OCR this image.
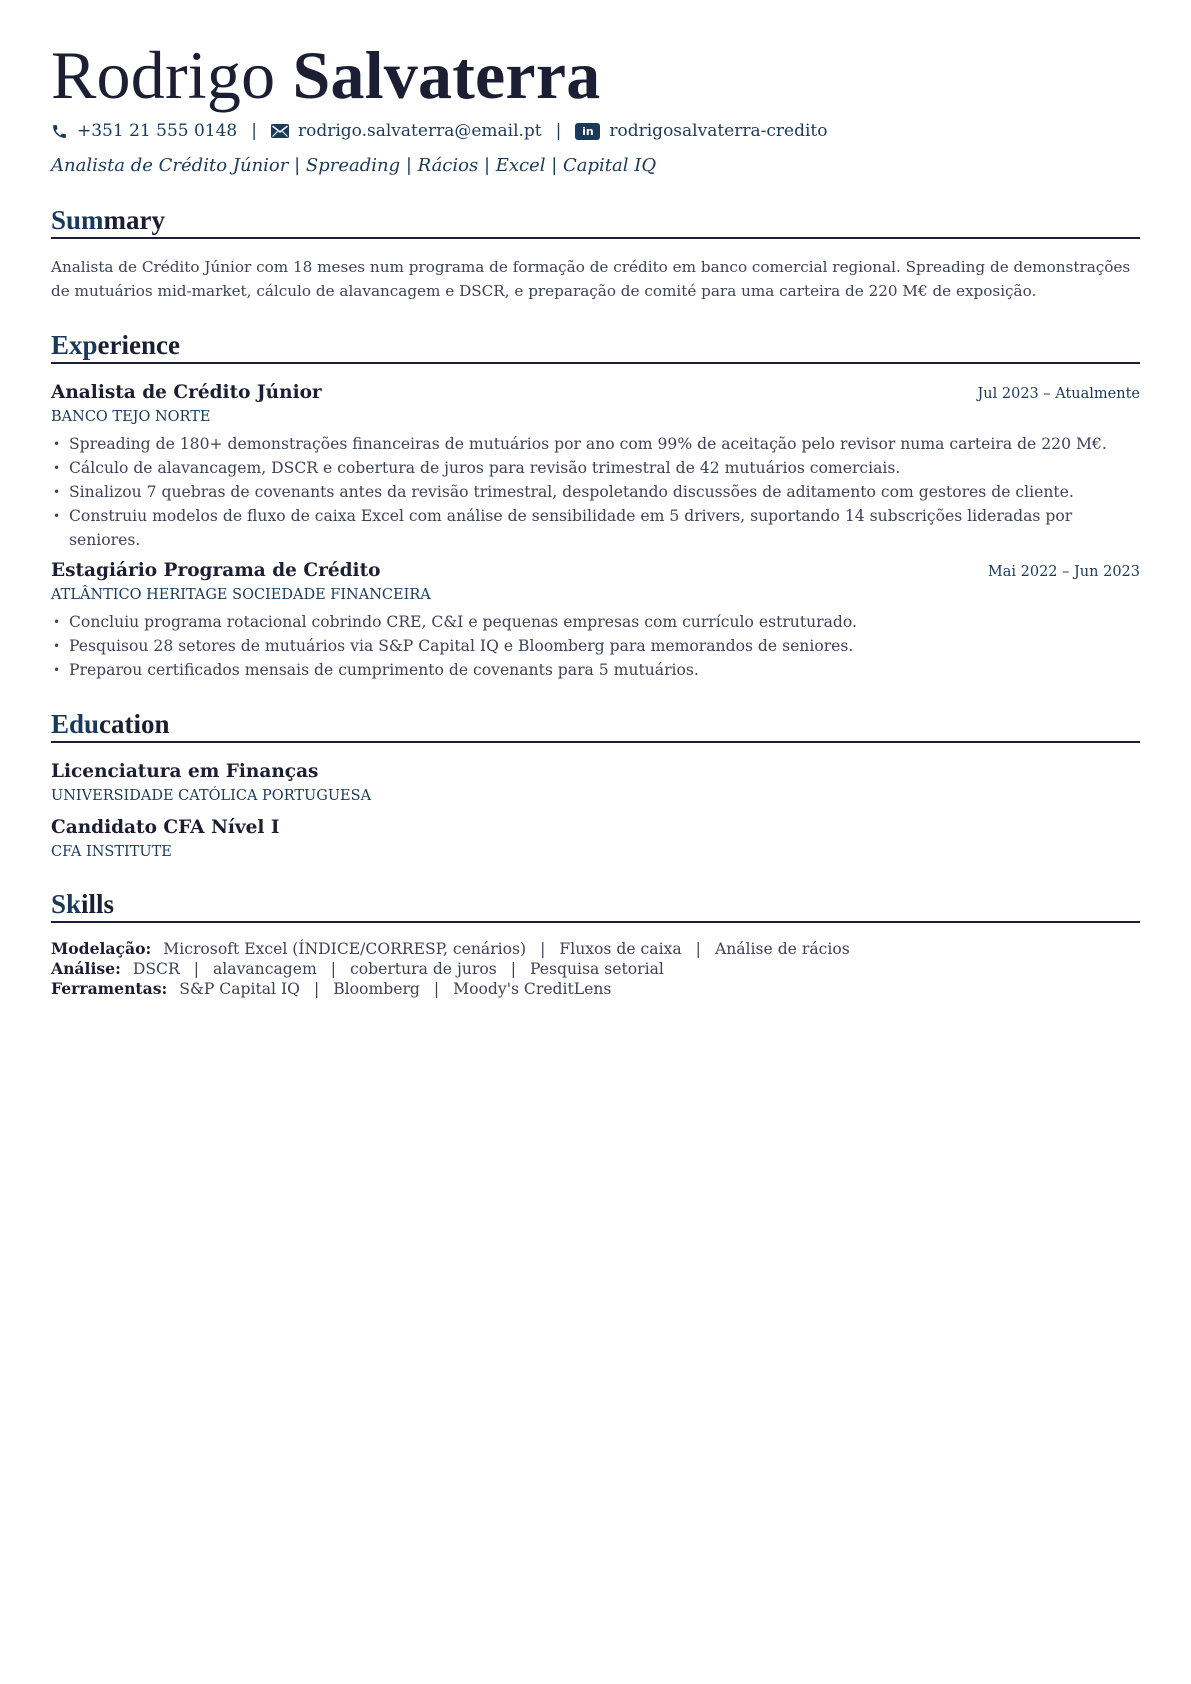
Rodrigo Salvaterra
+351 21 555 0148 | rodrigo.salvaterra@email.pt |	in rodrigosalvaterra-credito
Analista de Crédito Júnior | Spreading | Rácios | Excel | Capital IQ
Summary

Analista de Crédito Júnior com 18 meses num programa de formação de crédito em banco comercial regional. Spreading de demonstrações de mutuários mid-market, cálculo de alavancagem e DSCR, e preparação de comité para uma carteira de 220 M€ de exposição.

Experience
Analista de Crédito Júnior	Jul 2023 – Atualmente
BANCO TEJO NORTE
• Spreading de 180+ demonstrações financeiras de mutuários por ano com 99% de aceitação pelo revisor numa carteira de 220 M€.
• Cálculo de alavancagem, DSCR e cobertura de juros para revisão trimestral de 42 mutuários comerciais.
• Sinalizou 7 quebras de covenants antes da revisão trimestral, despoletando discussões de aditamento com gestores de cliente.
• Construiu modelos de fluxo de caixa Excel com análise de sensibilidade em 5 drivers, suportando 14 subscrições lideradas por seniores.
Estagiário Programa de Crédito	Mai 2022 – Jun 2023
ATLÂNTICO HERITAGE SOCIEDADE FINANCEIRA
• Concluiu programa rotacional cobrindo CRE, C&I e pequenas empresas com currículo estruturado.
• Pesquisou 28 setores de mutuários via S&P Capital IQ e Bloomberg para memorandos de seniores.
• Preparou certificados mensais de cumprimento de covenants para 5 mutuários.
Education
Licenciatura em Finanças
UNIVERSIDADE CATÓLICA PORTUGUESA
Candidato CFA Nível I
CFA INSTITUTE
Skills
Modelação: Microsoft Excel (ÍNDICE/CORRESP, cenários) | Fluxos de caixa | Análise de rácios
Análise: DSCR | alavancagem | cobertura de juros | Pesquisa setorial
Ferramentas: S&P Capital IQ | Bloomberg | Moody's CreditLens
